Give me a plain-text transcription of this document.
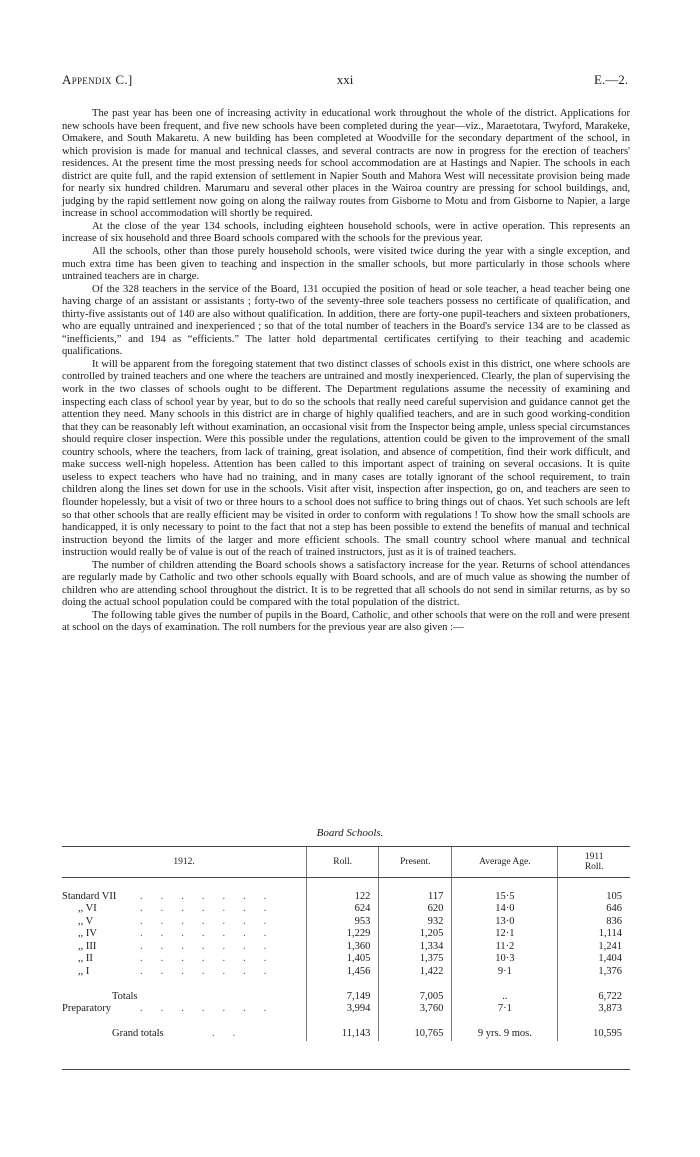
Appendix C.]	xxi	E.—2.

The past year has been one of increasing activity in educational work throughout the whole of the district. Applications for new schools have been frequent, and five new schools have been completed during the year—viz., Maraetotara, Twyford, Marakeke, Omakere, and South Makaretu. A new building has been completed at Woodville for the secondary department of the school, in which provision is made for manual and technical classes, and several contracts are now in progress for the erection of teachers' residences. At the present time the most pressing needs for school accommodation are at Hastings and Napier. The schools in each district are quite full, and the rapid extension of settlement in Napier South and Mahora West will necessitate provision being made for nearly six hundred children. Marumaru and several other places in the Wairoa country are pressing for school buildings, and, judging by the rapid settlement now going on along the railway routes from Gisborne to Motu and from Gisborne to Napier, a large increase in school accommodation will shortly be required.

At the close of the year 134 schools, including eighteen household schools, were in active operation. This represents an increase of six household and three Board schools compared with the schools for the previous year.

All the schools, other than those purely household schools, were visited twice during the year with a single exception, and much extra time has been given to teaching and inspection in the smaller schools, but more particularly in those schools where untrained teachers are in charge.

Of the 328 teachers in the service of the Board, 131 occupied the position of head or sole teacher, a head teacher being one having charge of an assistant or assistants ; forty-two of the seventy-three sole teachers possess no certificate of qualification, and thirty-five assistants out of 140 are also without qualification. In addition, there are forty-one pupil-teachers and sixteen probationers, who are equally untrained and inexperienced ; so that of the total number of teachers in the Board's service 134 are to be classed as “inefficients,” and 194 as “efficients.” The latter hold departmental certificates certifying to their teaching and academic qualifications.

It will be apparent from the foregoing statement that two distinct classes of schools exist in this district, one where schools are controlled by trained teachers and one where the teachers are untrained and mostly inexperienced. Clearly, the plan of supervising the work in the two classes of schools ought to be different. The Department regulations assume the necessity of examining and inspecting each class of school year by year, but to do so the schools that really need careful supervision and guidance cannot get the attention they need. Many schools in this district are in charge of highly qualified teachers, and are in such good working-condition that they can be reasonably left without examination, an occasional visit from the Inspector being ample, unless special circumstances should require closer inspection. Were this possible under the regulations, attention could be given to the improvement of the small country schools, where the teachers, from lack of training, great isolation, and absence of competition, find their work difficult, and make success well-nigh hopeless. Attention has been called to this important aspect of training on several occasions. It is quite useless to expect teachers who have had no training, and in many cases are totally ignorant of the school requirement, to train children along the lines set down for use in the schools. Visit after visit, inspection after inspection, go on, and teachers are seen to flounder hopelessly, but a visit of two or three hours to a school does not suffice to bring things out of chaos. Yet such schools are left so that other schools that are really efficient may be visited in order to conform with regulations ! To show how the small schools are handicapped, it is only necessary to point to the fact that not a step has been possible to extend the benefits of manual and technical instruction beyond the limits of the larger and more efficient schools. The small country school where manual and technical instruction would really be of value is out of the reach of trained instructors, just as it is of trained teachers.

The number of children attending the Board schools shows a satisfactory increase for the year. Returns of school attendances are regularly made by Catholic and two other schools equally with Board schools, and are of much value as showing the number of children who are attending school throughout the district. It is to be regretted that all schools do not send in similar returns, as by so doing the actual school population could be compared with the total population of the district.

The following table gives the number of pupils in the Board, Catholic, and other schools that were on the roll and were present at school on the days of examination. The roll numbers for the previous year are also given :—

Board Schools.
1912.	Roll.	Present.	Average Age.	1911
Roll.

Standard VII .......	122	117	15·5	105
,, VI .......	624	620	14·0	646
,, V .......	953	932	13·0	836
,, IV .......	1,229	1,205	12·1	1,114
,, III .......	1,360	1,334	11·2	1,241
,, II .......	1,405	1,375	10·3	1,404
,, I .......	1,456	1,422	9·1	1,376

Totals	7,149	7,005	..	6,722
Preparatory .......	3,994	3,760	7·1	3,873

Grand totals ..	11,143	10,765	9 yrs. 9 mos.	10,595
